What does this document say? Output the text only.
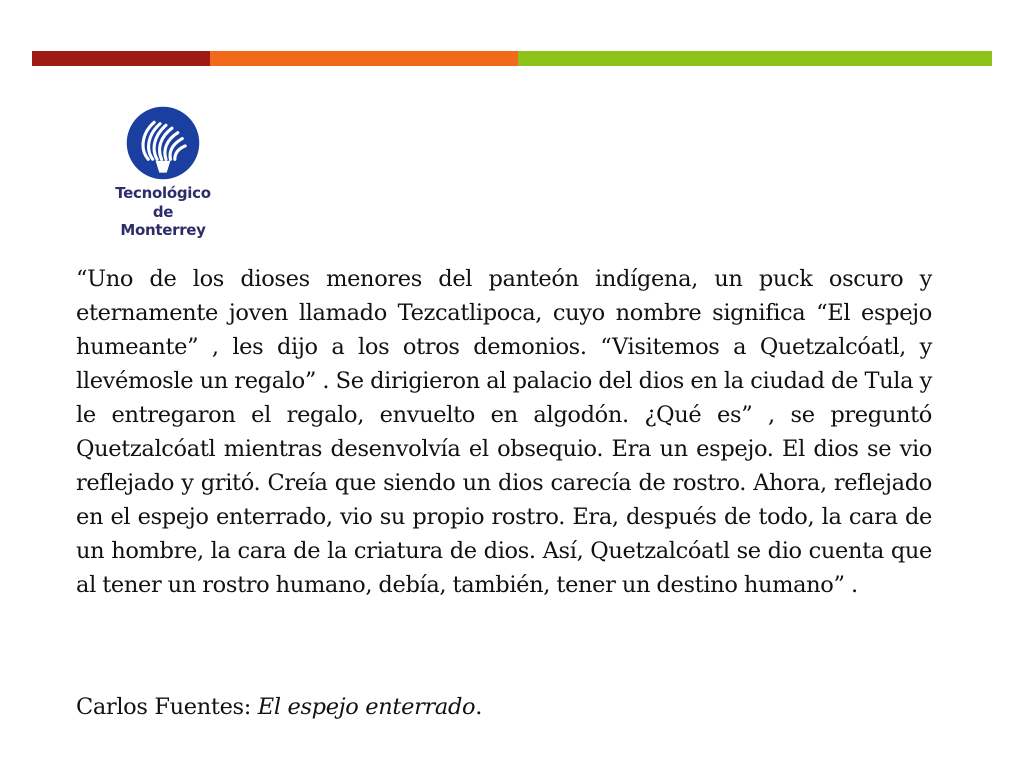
Tecnológico
de Monterrey

“Uno de los dioses menores del panteón indígena, un puck oscuro y eternamente joven llamado Tezcatlipoca, cuyo nombre significa “El espejo humeante” , les dijo a los otros demonios. “Visitemos a Quetzalcóatl, y llevémosle un regalo” . Se dirigieron al palacio del dios en la ciudad de Tula y le entregaron el regalo, envuelto en algodón. ¿Qué es” , se preguntó Quetzalcóatl mientras desenvolvía el obsequio. Era un espejo. El dios se vio reflejado y gritó. Creía que siendo un dios carecía de rostro. Ahora, reflejado en el espejo enterrado, vio su propio rostro. Era, después de todo, la cara de un hombre, la cara de la criatura de dios. Así, Quetzalcóatl se dio cuenta que al tener un rostro humano, debía, también, tener un destino humano” .

Carlos Fuentes: El espejo enterrado.
